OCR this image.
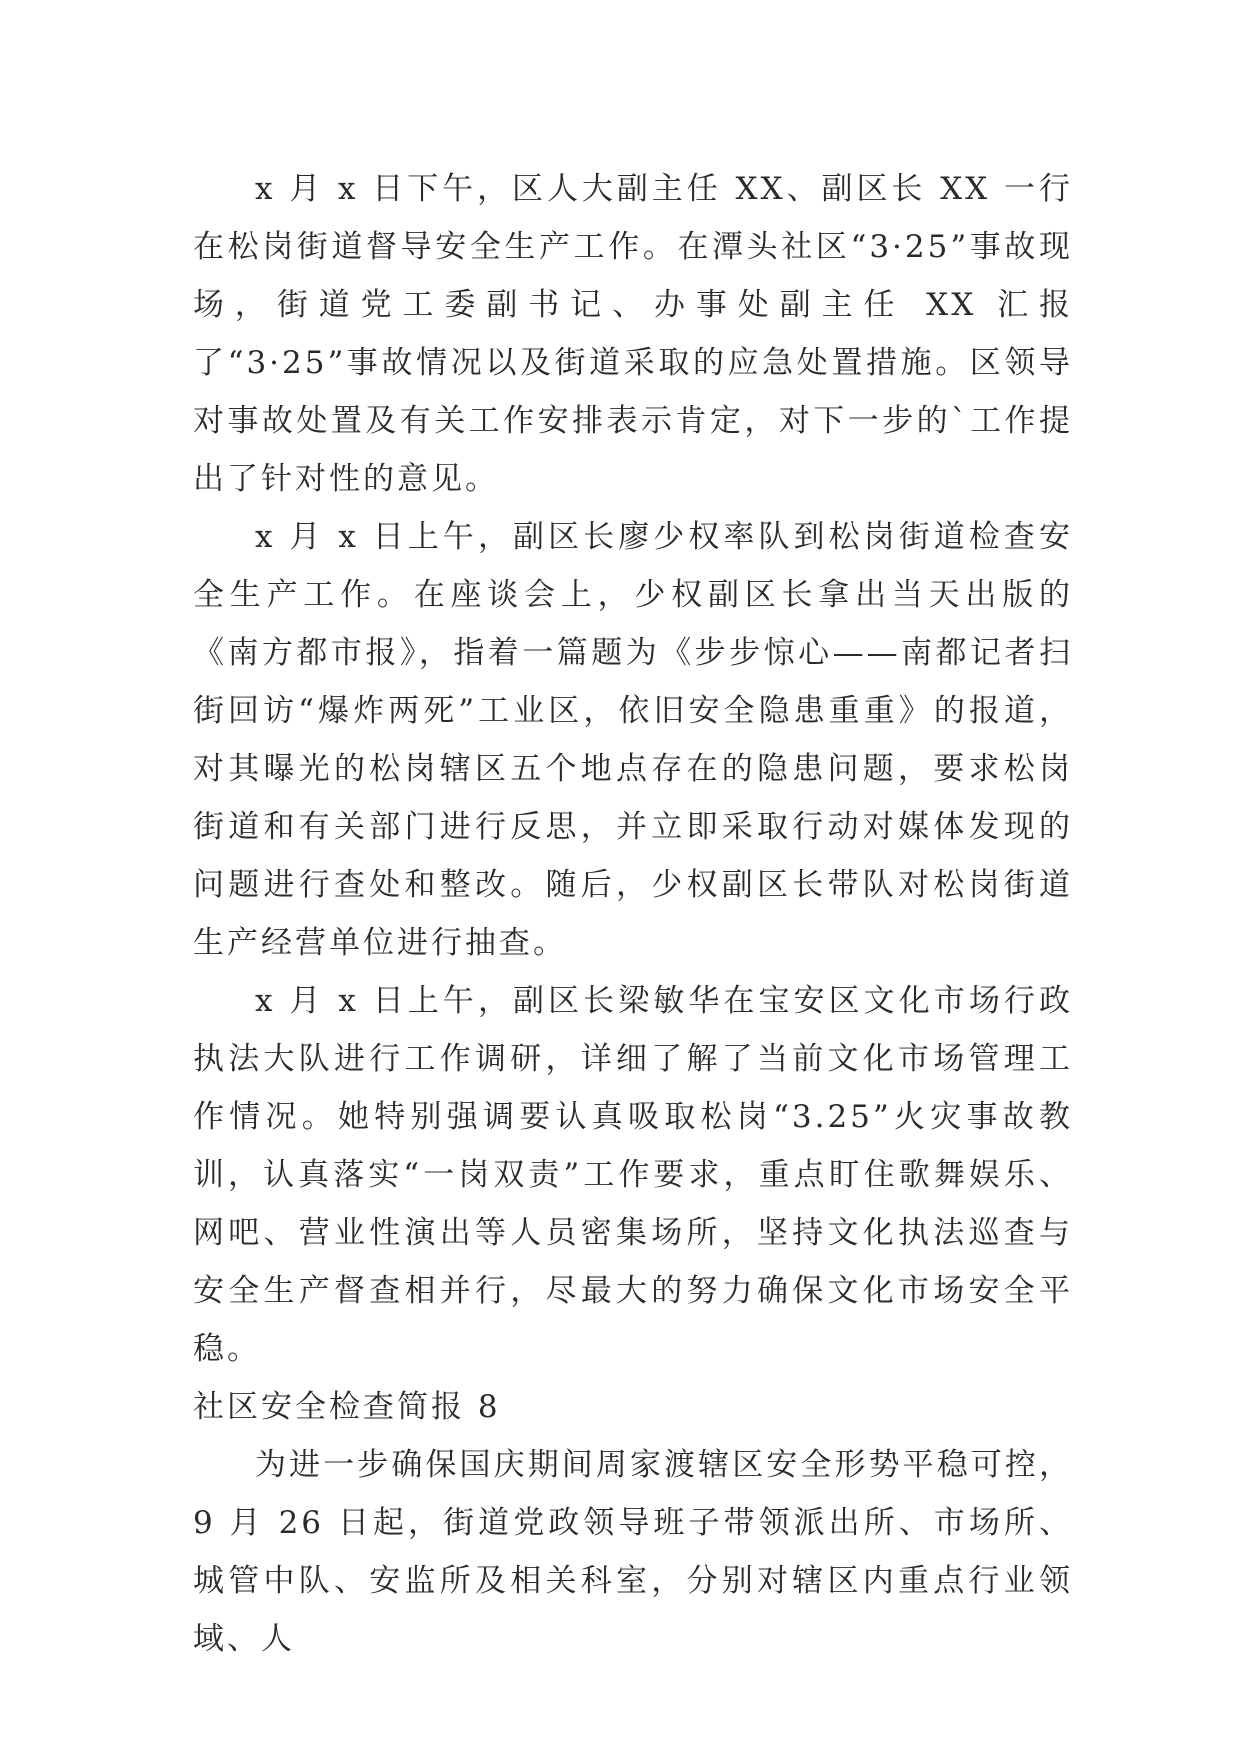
x 月 x 日下午，区人大副主任 XX、副区长 XX 一行在松岗街道督导安全生产工作。在潭头社区“3·25”事故现场，街道党工委副书记、办事处副主任 XX 汇报了“3·25”事故情况以及街道采取的应急处置措施。区领导对事故处置及有关工作安排表示肯定，对下一步的`工作提出了针对性的意见。

x 月 x 日上午，副区长廖少权率队到松岗街道检查安全生产工作。在座谈会上，少权副区长拿出当天出版的《南方都市报》，指着一篇题为《步步惊心——南都记者扫街回访“爆炸两死”工业区，依旧安全隐患重重》的报道，对其曝光的松岗辖区五个地点存在的隐患问题，要求松岗街道和有关部门进行反思，并立即采取行动对媒体发现的问题进行查处和整改。随后，少权副区长带队对松岗街道生产经营单位进行抽查。

x 月 x 日上午，副区长梁敏华在宝安区文化市场行政执法大队进行工作调研，详细了解了当前文化市场管理工作情况。她特别强调要认真吸取松岗“3.25”火灾事故教训，认真落实“一岗双责”工作要求，重点盯住歌舞娱乐、网吧、营业性演出等人员密集场所，坚持文化执法巡查与安全生产督查相并行，尽最大的努力确保文化市场安全平稳。

社区安全检查简报 8

为进一步确保国庆期间周家渡辖区安全形势平稳可控，9 月 26 日起，街道党政领导班子带领派出所、市场所、城管中队、安监所及相关科室，分别对辖区内重点行业领域、人
